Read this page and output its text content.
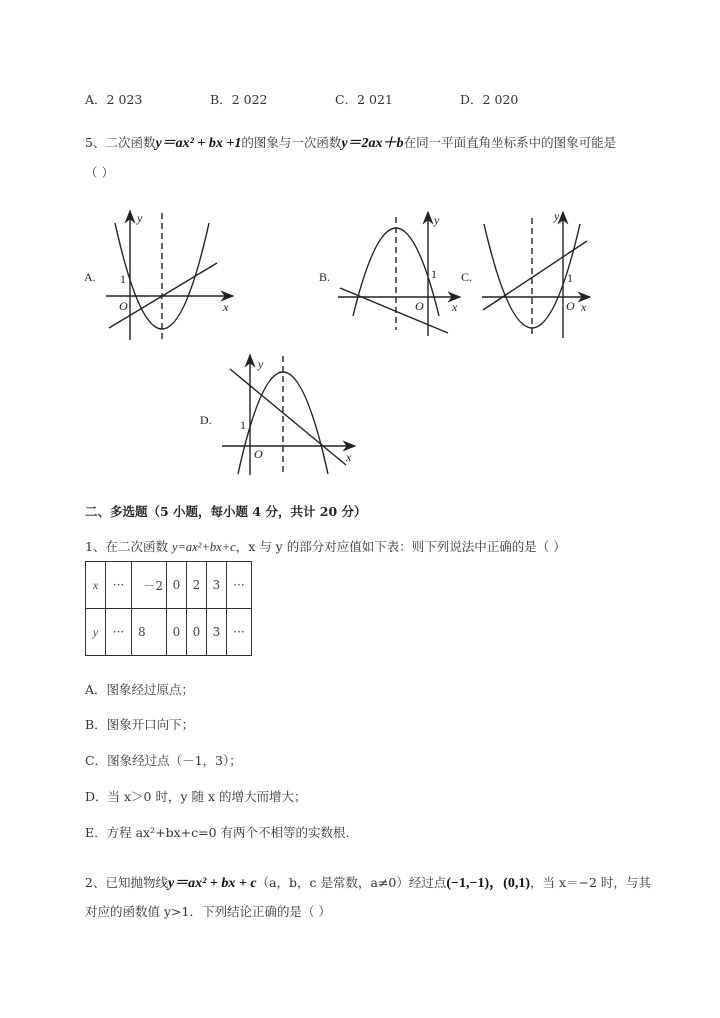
A．2 023	B．2 022	C．2 021	D．2 020
5、二次函数y＝ax² + bx +1的图象与一次函数y＝2ax＋b在同一平面直角坐标系中的图象可能是
（ ）
A. 1
O	x
y
B.	1
O x
y
C.	1
O x
y
D. 1
O	x
y
二、多选题（5 小题，每小题 4 分，共计 20 分）
1、在二次函数 y=ax²+bx+c，x 与 y 的部分对应值如下表：则下列说法中正确的是（ ）
x	···	－2	0	2	3	···
y	···	8	0	0	3	···
A．图象经过原点；
B．图象开口向下；
C．图象经过点（－1，3）；
D．当 x＞0 时，y 随 x 的增大而增大；
E．方程 ax²+bx+c=0 有两个不相等的实数根.
2、已知抛物线y＝ax² + bx + c（a，b，c 是常数，a≠0）经过点(−1,−1)，(0,1)，当 x＝−2 时，与其
对应的函数值 y>1．下列结论正确的是（ ）
